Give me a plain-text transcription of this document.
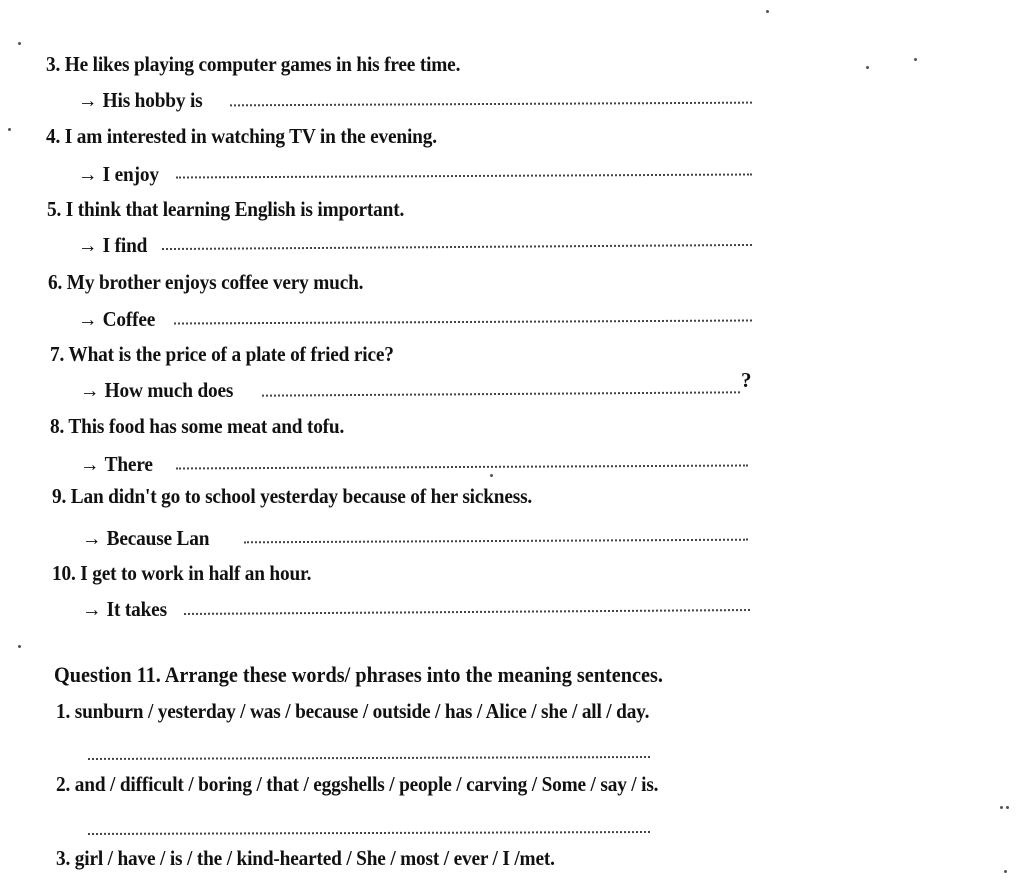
3. He likes playing computer games in his free time.
→ His hobby is
4. I am interested in watching TV in the evening.
→ I enjoy
5. I think that learning English is important.
→ I find
6. My brother enjoys coffee very much.
→ Coffee
7. What is the price of a plate of fried rice?
→ How much does	?
8. This food has some meat and tofu.
→ There
9. Lan didn't go to school yesterday because of her sickness.
→ Because Lan
10. I get to work in half an hour.
→ It takes
Question 11. Arrange these words/ phrases into the meaning sentences.
1. sunburn / yesterday / was / because / outside / has / Alice / she / all / day.
2. and / difficult / boring / that / eggshells / people / carving / Some / say / is.
3. girl / have / is / the / kind-hearted / She / most / ever / I /met.
